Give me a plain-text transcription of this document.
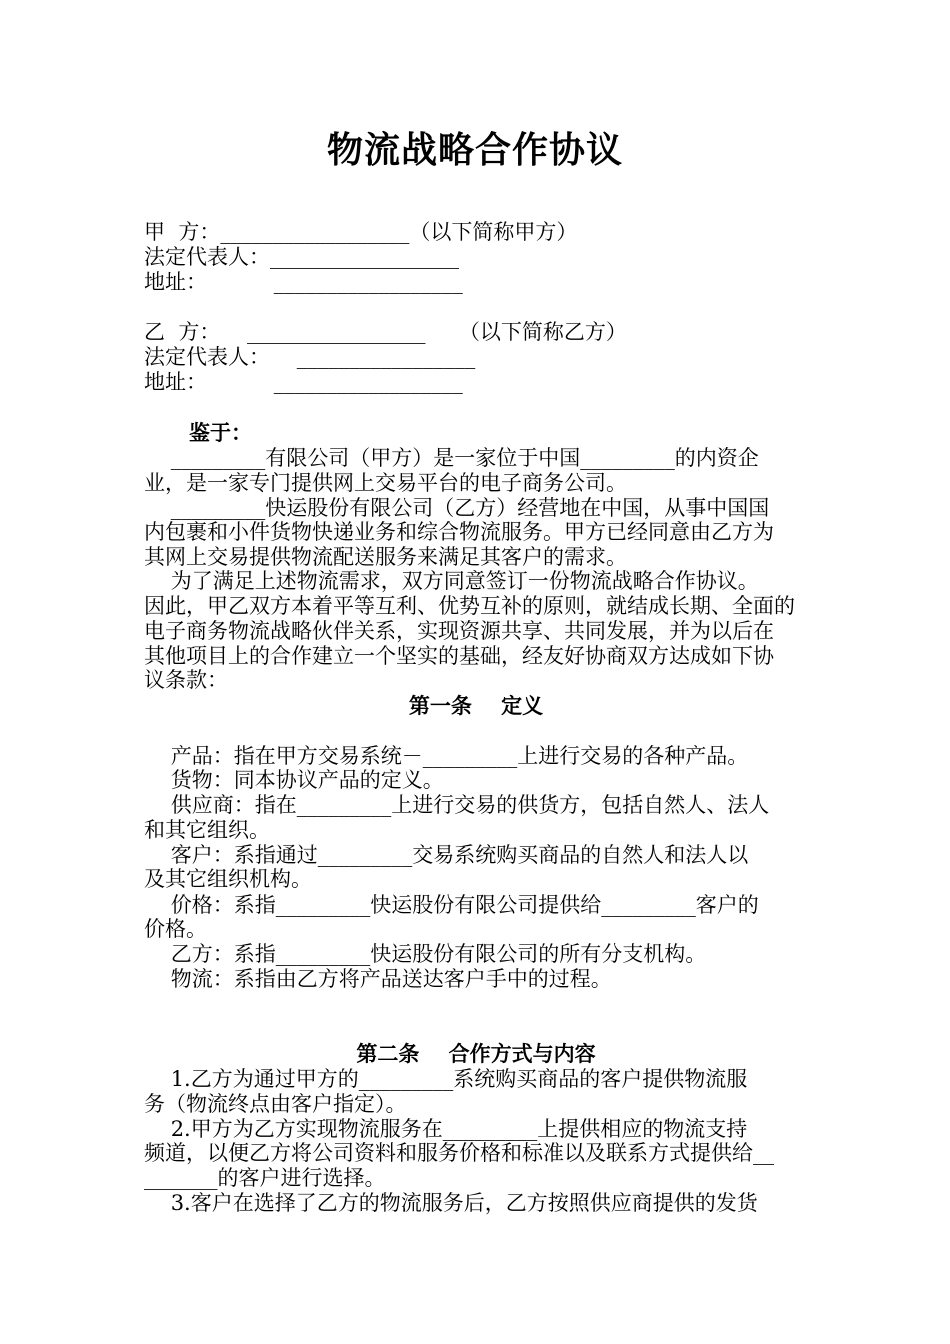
物流战略合作协议
甲  方：__________________（以下简称甲方）
法定代表人：__________________
地址：          __________________
乙  方：    _________________     （以下简称乙方）
法定代表人：    _________________
地址：          __________________
鉴于：
_________有限公司（甲方）是一家位于中国_________的内资企
业，是一家专门提供网上交易平台的电子商务公司。
_________快运股份有限公司（乙方）经营地在中国，从事中国国
内包裹和小件货物快递业务和综合物流服务。甲方已经同意由乙方为
其网上交易提供物流配送服务来满足其客户的需求。
为了满足上述物流需求，双方同意签订一份物流战略合作协议。
因此，甲乙双方本着平等互利、优势互补的原则，就结成长期、全面的
电子商务物流战略伙伴关系，实现资源共享、共同发展，并为以后在
其他项目上的合作建立一个坚实的基础，经友好协商双方达成如下协
议条款：
第一条    定义
产品：指在甲方交易系统－_________上进行交易的各种产品。
货物：同本协议产品的定义。
供应商：指在_________上进行交易的供货方，包括自然人、法人
和其它组织。
客户：系指通过_________交易系统购买商品的自然人和法人以
及其它组织机构。
价格：系指_________快运股份有限公司提供给_________客户的
价格。
乙方：系指_________快运股份有限公司的所有分支机构。
物流：系指由乙方将产品送达客户手中的过程。
第二条    合作方式与内容
1.乙方为通过甲方的_________系统购买商品的客户提供物流服
务（物流终点由客户指定）。
2.甲方为乙方实现物流服务在_________上提供相应的物流支持
频道，以便乙方将公司资料和服务价格和标准以及联系方式提供给__
_______的客户进行选择。
3.客户在选择了乙方的物流服务后，乙方按照供应商提供的发货
